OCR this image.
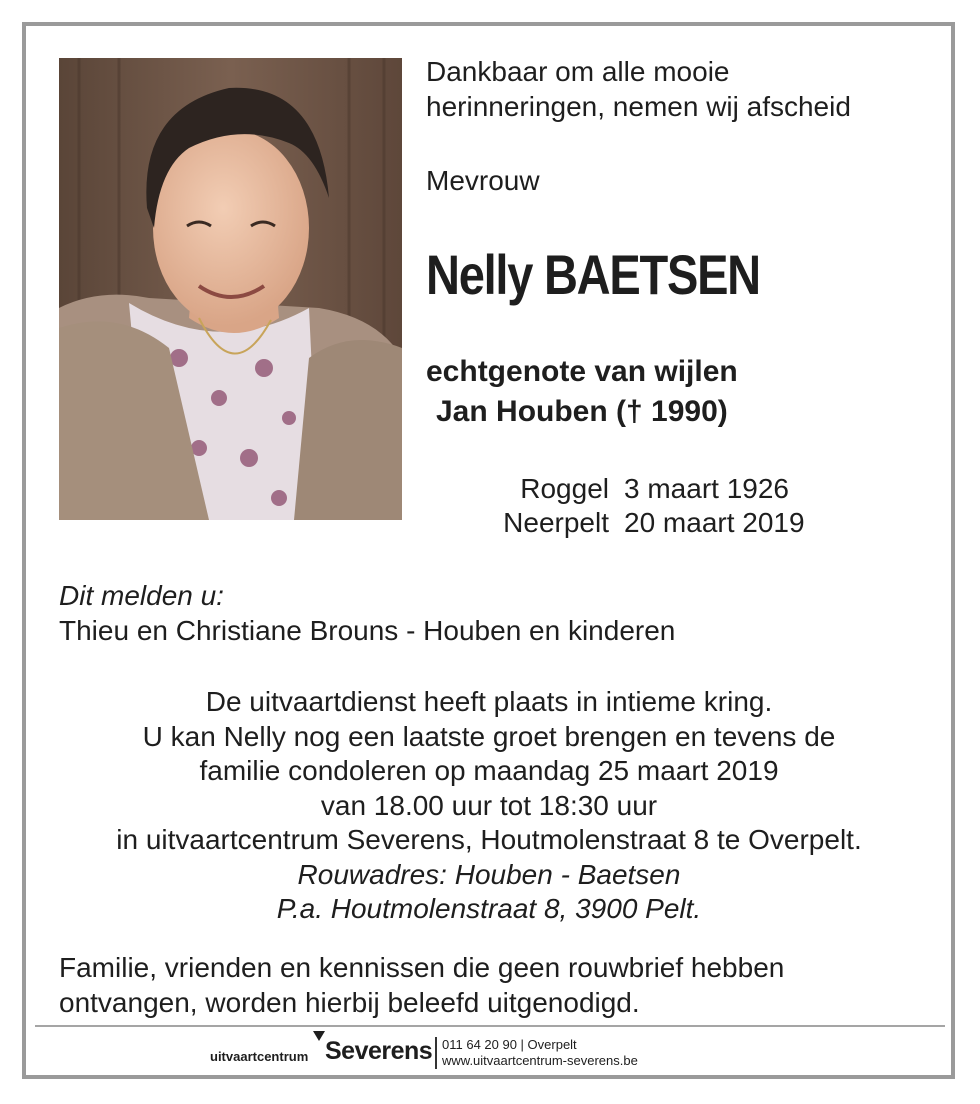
Dankbaar om alle mooie
herinneringen, nemen wij afscheid
Mevrouw
Nelly BAETSEN
echtgenote van wijlen
Jan Houben († 1990)
Roggel 3 maart 1926
Neerpelt 20 maart 2019
Dit melden u:
Thieu en Christiane Brouns - Houben en kinderen
De uitvaartdienst heeft plaats in intieme kring.
U kan Nelly nog een laatste groet brengen en tevens de
familie condoleren op maandag 25 maart 2019
van 18.00 uur tot 18:30 uur
in uitvaartcentrum Severens, Houtmolenstraat 8 te Overpelt.
Rouwadres: Houben - Baetsen
P.a. Houtmolenstraat 8, 3900 Pelt.
Familie, vrienden en kennissen die geen rouwbrief hebben
ontvangen, worden hierbij beleefd uitgenodigd.
uitvaartcentrum Severens 011 64 20 90 | Overpelt
www.uitvaartcentrum-severens.be
